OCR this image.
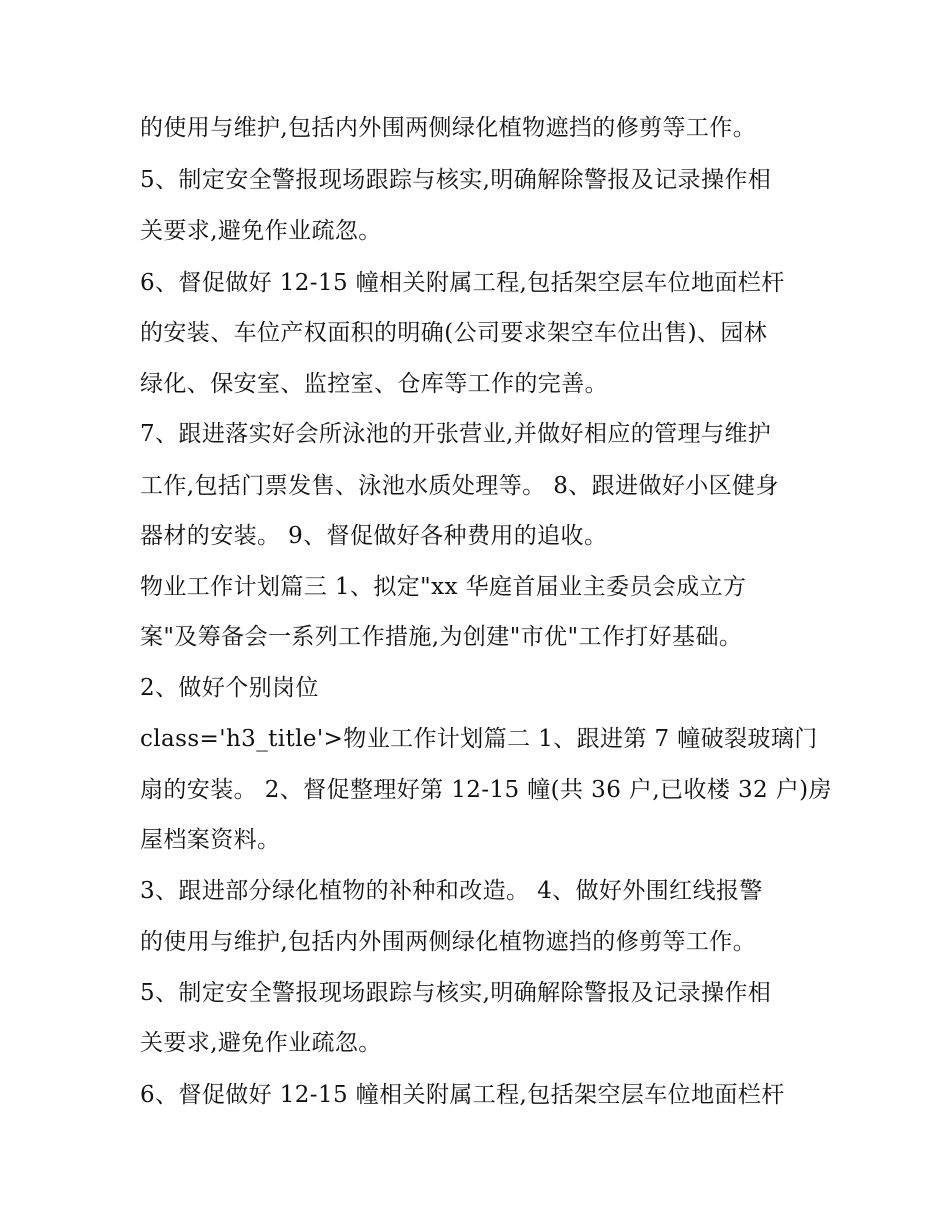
的使用与维护,包括内外围两侧绿化植物遮挡的修剪等工作。
5、制定安全警报现场跟踪与核实,明确解除警报及记录操作相
关要求,避免作业疏忽。
6、督促做好 12-15 幢相关附属工程,包括架空层车位地面栏杆
的安装、车位产权面积的明确(公司要求架空车位出售)、园林
绿化、保安室、监控室、仓库等工作的完善。
7、跟进落实好会所泳池的开张营业,并做好相应的管理与维护
工作,包括门票发售、泳池水质处理等。 8、跟进做好小区健身
器材的安装。 9、督促做好各种费用的追收。
物业工作计划篇三 1、拟定"xx 华庭首届业主委员会成立方
案"及筹备会一系列工作措施,为创建"市优"工作打好基础。
2、做好个别岗位
class='h3_title'>物业工作计划篇二 1、跟进第 7 幢破裂玻璃门
扇的安装。 2、督促整理好第 12-15 幢(共 36 户,已收楼 32 户)房
屋档案资料。
3、跟进部分绿化植物的补种和改造。 4、做好外围红线报警
的使用与维护,包括内外围两侧绿化植物遮挡的修剪等工作。
5、制定安全警报现场跟踪与核实,明确解除警报及记录操作相
关要求,避免作业疏忽。
6、督促做好 12-15 幢相关附属工程,包括架空层车位地面栏杆
